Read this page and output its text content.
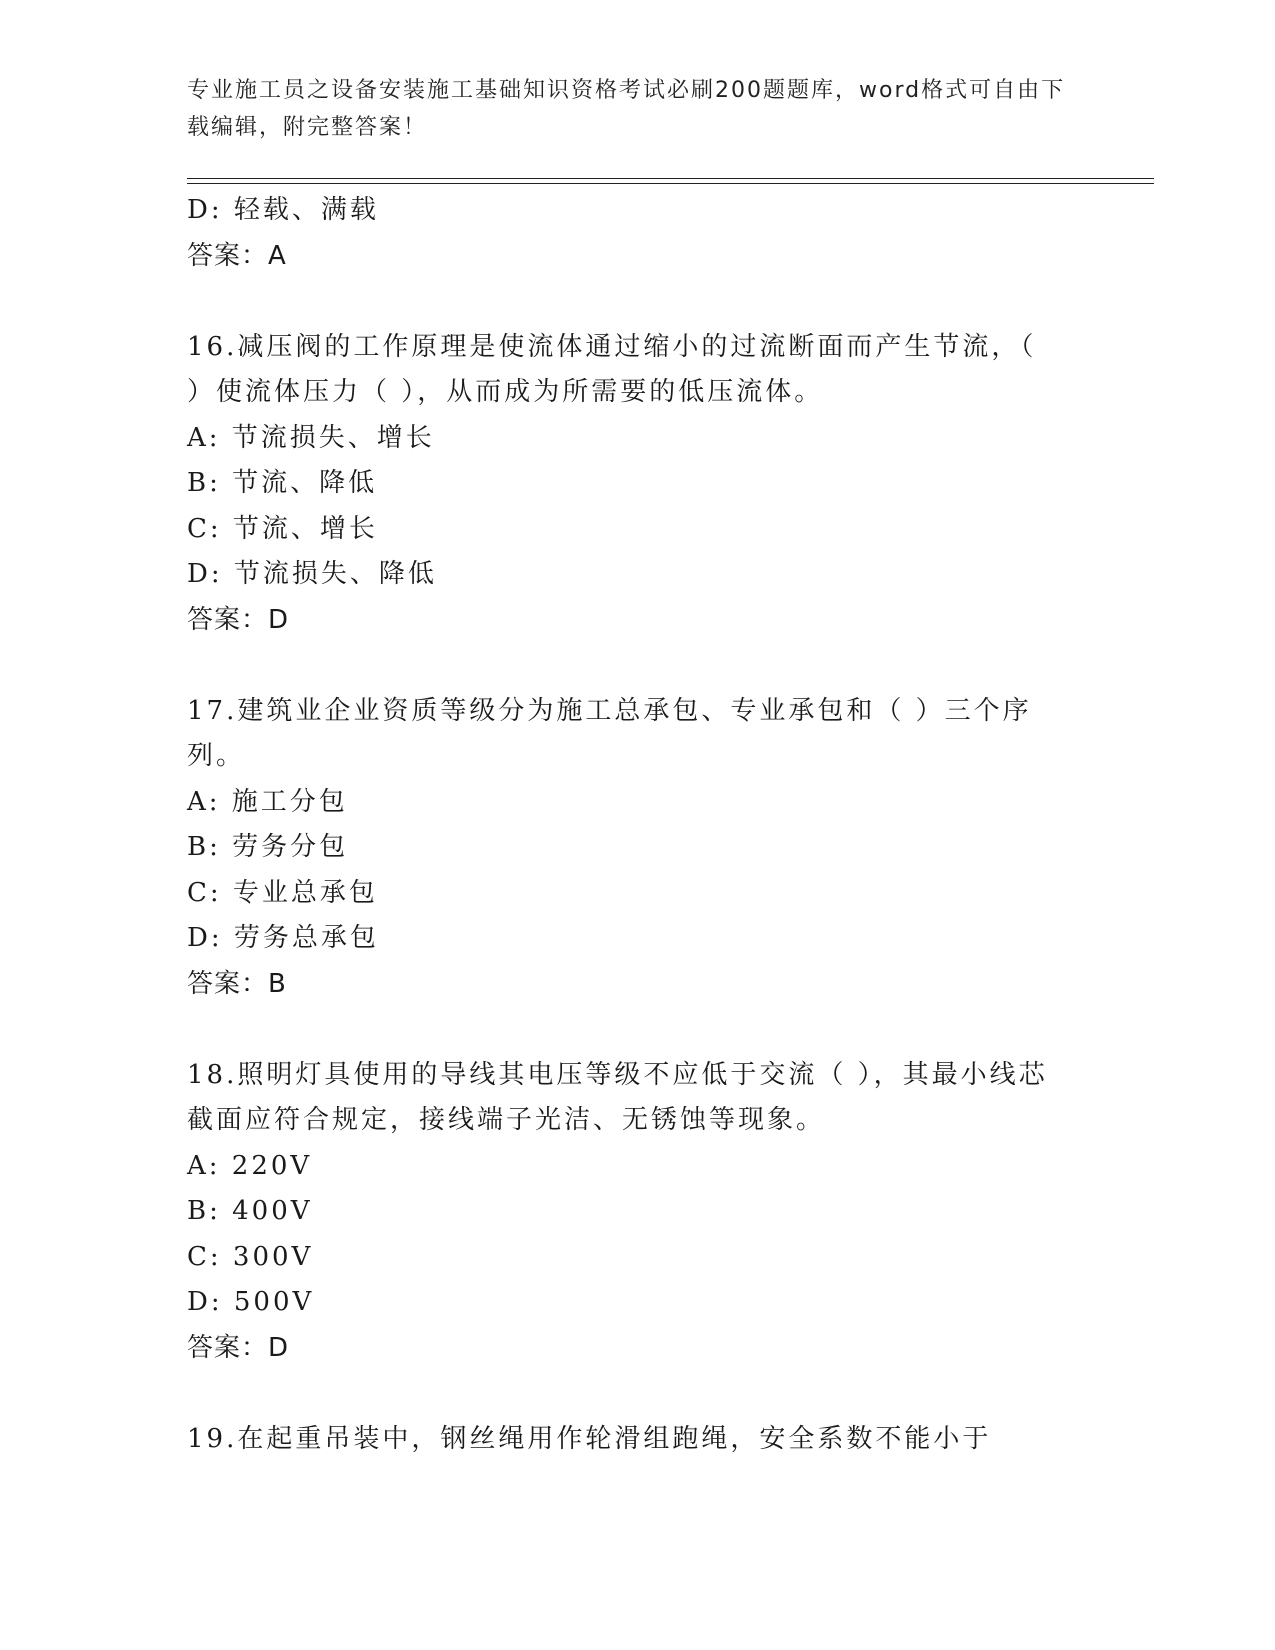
专业施工员之设备安装施工基础知识资格考试必刷200题题库，word格式可自由下载编辑，附完整答案！
D: 轻载、满载
答案：A
16.减压阀的工作原理是使流体通过缩小的过流断面而产生节流，（ ）使流体压力（ ），从而成为所需要的低压流体。
A: 节流损失、增长
B: 节流、降低
C: 节流、增长
D: 节流损失、降低
答案：D
17.建筑业企业资质等级分为施工总承包、专业承包和（ ）三个序列。
A: 施工分包
B: 劳务分包
C: 专业总承包
D: 劳务总承包
答案：B
18.照明灯具使用的导线其电压等级不应低于交流（ ），其最小线芯截面应符合规定，接线端子光洁、无锈蚀等现象。
A: 220V
B: 400V
C: 300V
D: 500V
答案：D
19.在起重吊装中，钢丝绳用作轮滑组跑绳，安全系数不能小于
